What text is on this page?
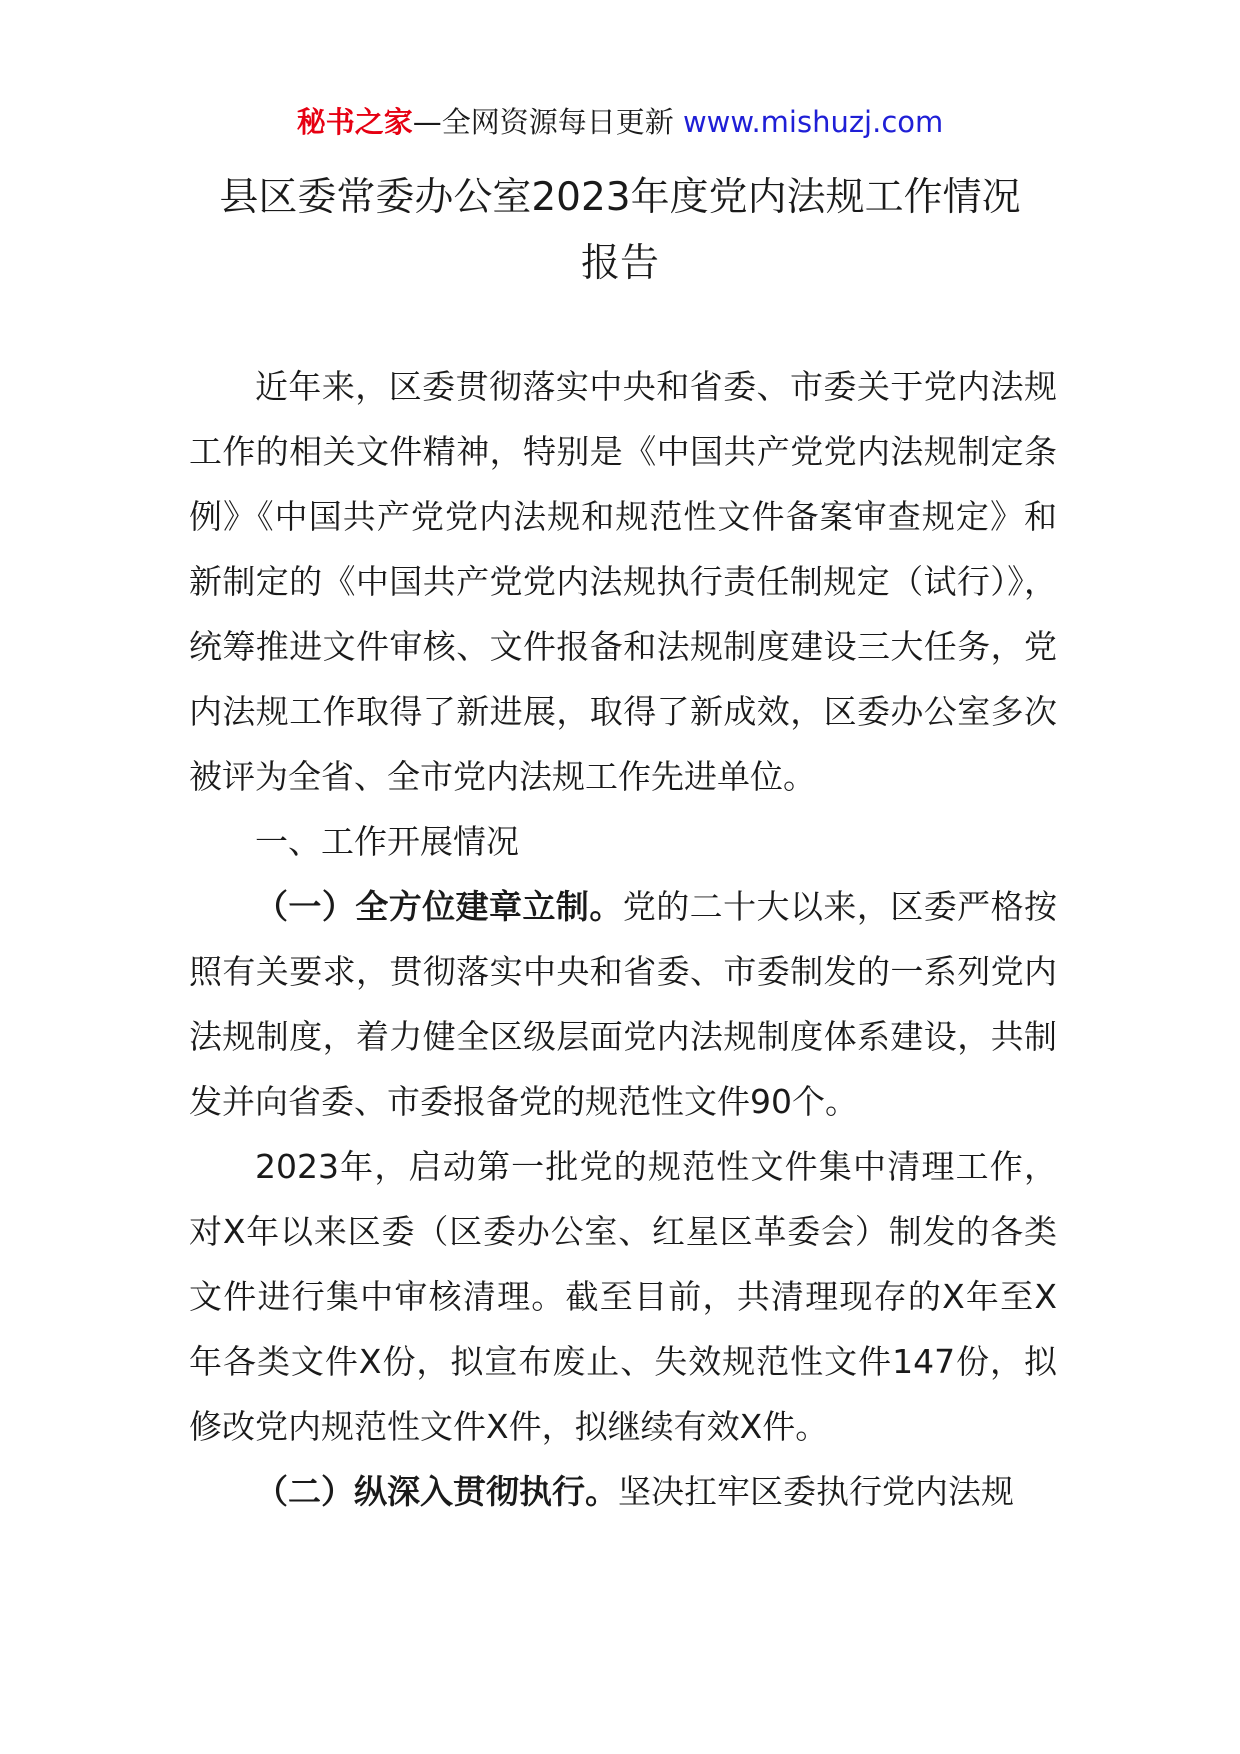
秘书之家—全网资源每日更新 www.mishuzj.com
县区委常委办公室2023年度党内法规工作情况
报告

近年来，区委贯彻落实中央和省委、市委关于党内法规工作的相关文件精神，特别是《中国共产党党内法规制定条例》《中国共产党党内法规和规范性文件备案审查规定》和新制定的《中国共产党党内法规执行责任制规定（试行）》，统筹推进文件审核、文件报备和法规制度建设三大任务，党内法规工作取得了新进展，取得了新成效，区委办公室多次被评为全省、全市党内法规工作先进单位。

一、工作开展情况

（一）全方位建章立制。党的二十大以来，区委严格按照有关要求，贯彻落实中央和省委、市委制发的一系列党内法规制度，着力健全区级层面党内法规制度体系建设，共制发并向省委、市委报备党的规范性文件90个。

2023年，启动第一批党的规范性文件集中清理工作，对X年以来区委（区委办公室、红星区革委会）制发的各类文件进行集中审核清理。截至目前，共清理现存的X年至X年各类文件X份，拟宣布废止、失效规范性文件147份，拟修改党内规范性文件X件，拟继续有效X件。

（二）纵深入贯彻执行。坚决扛牢区委执行党内法规
